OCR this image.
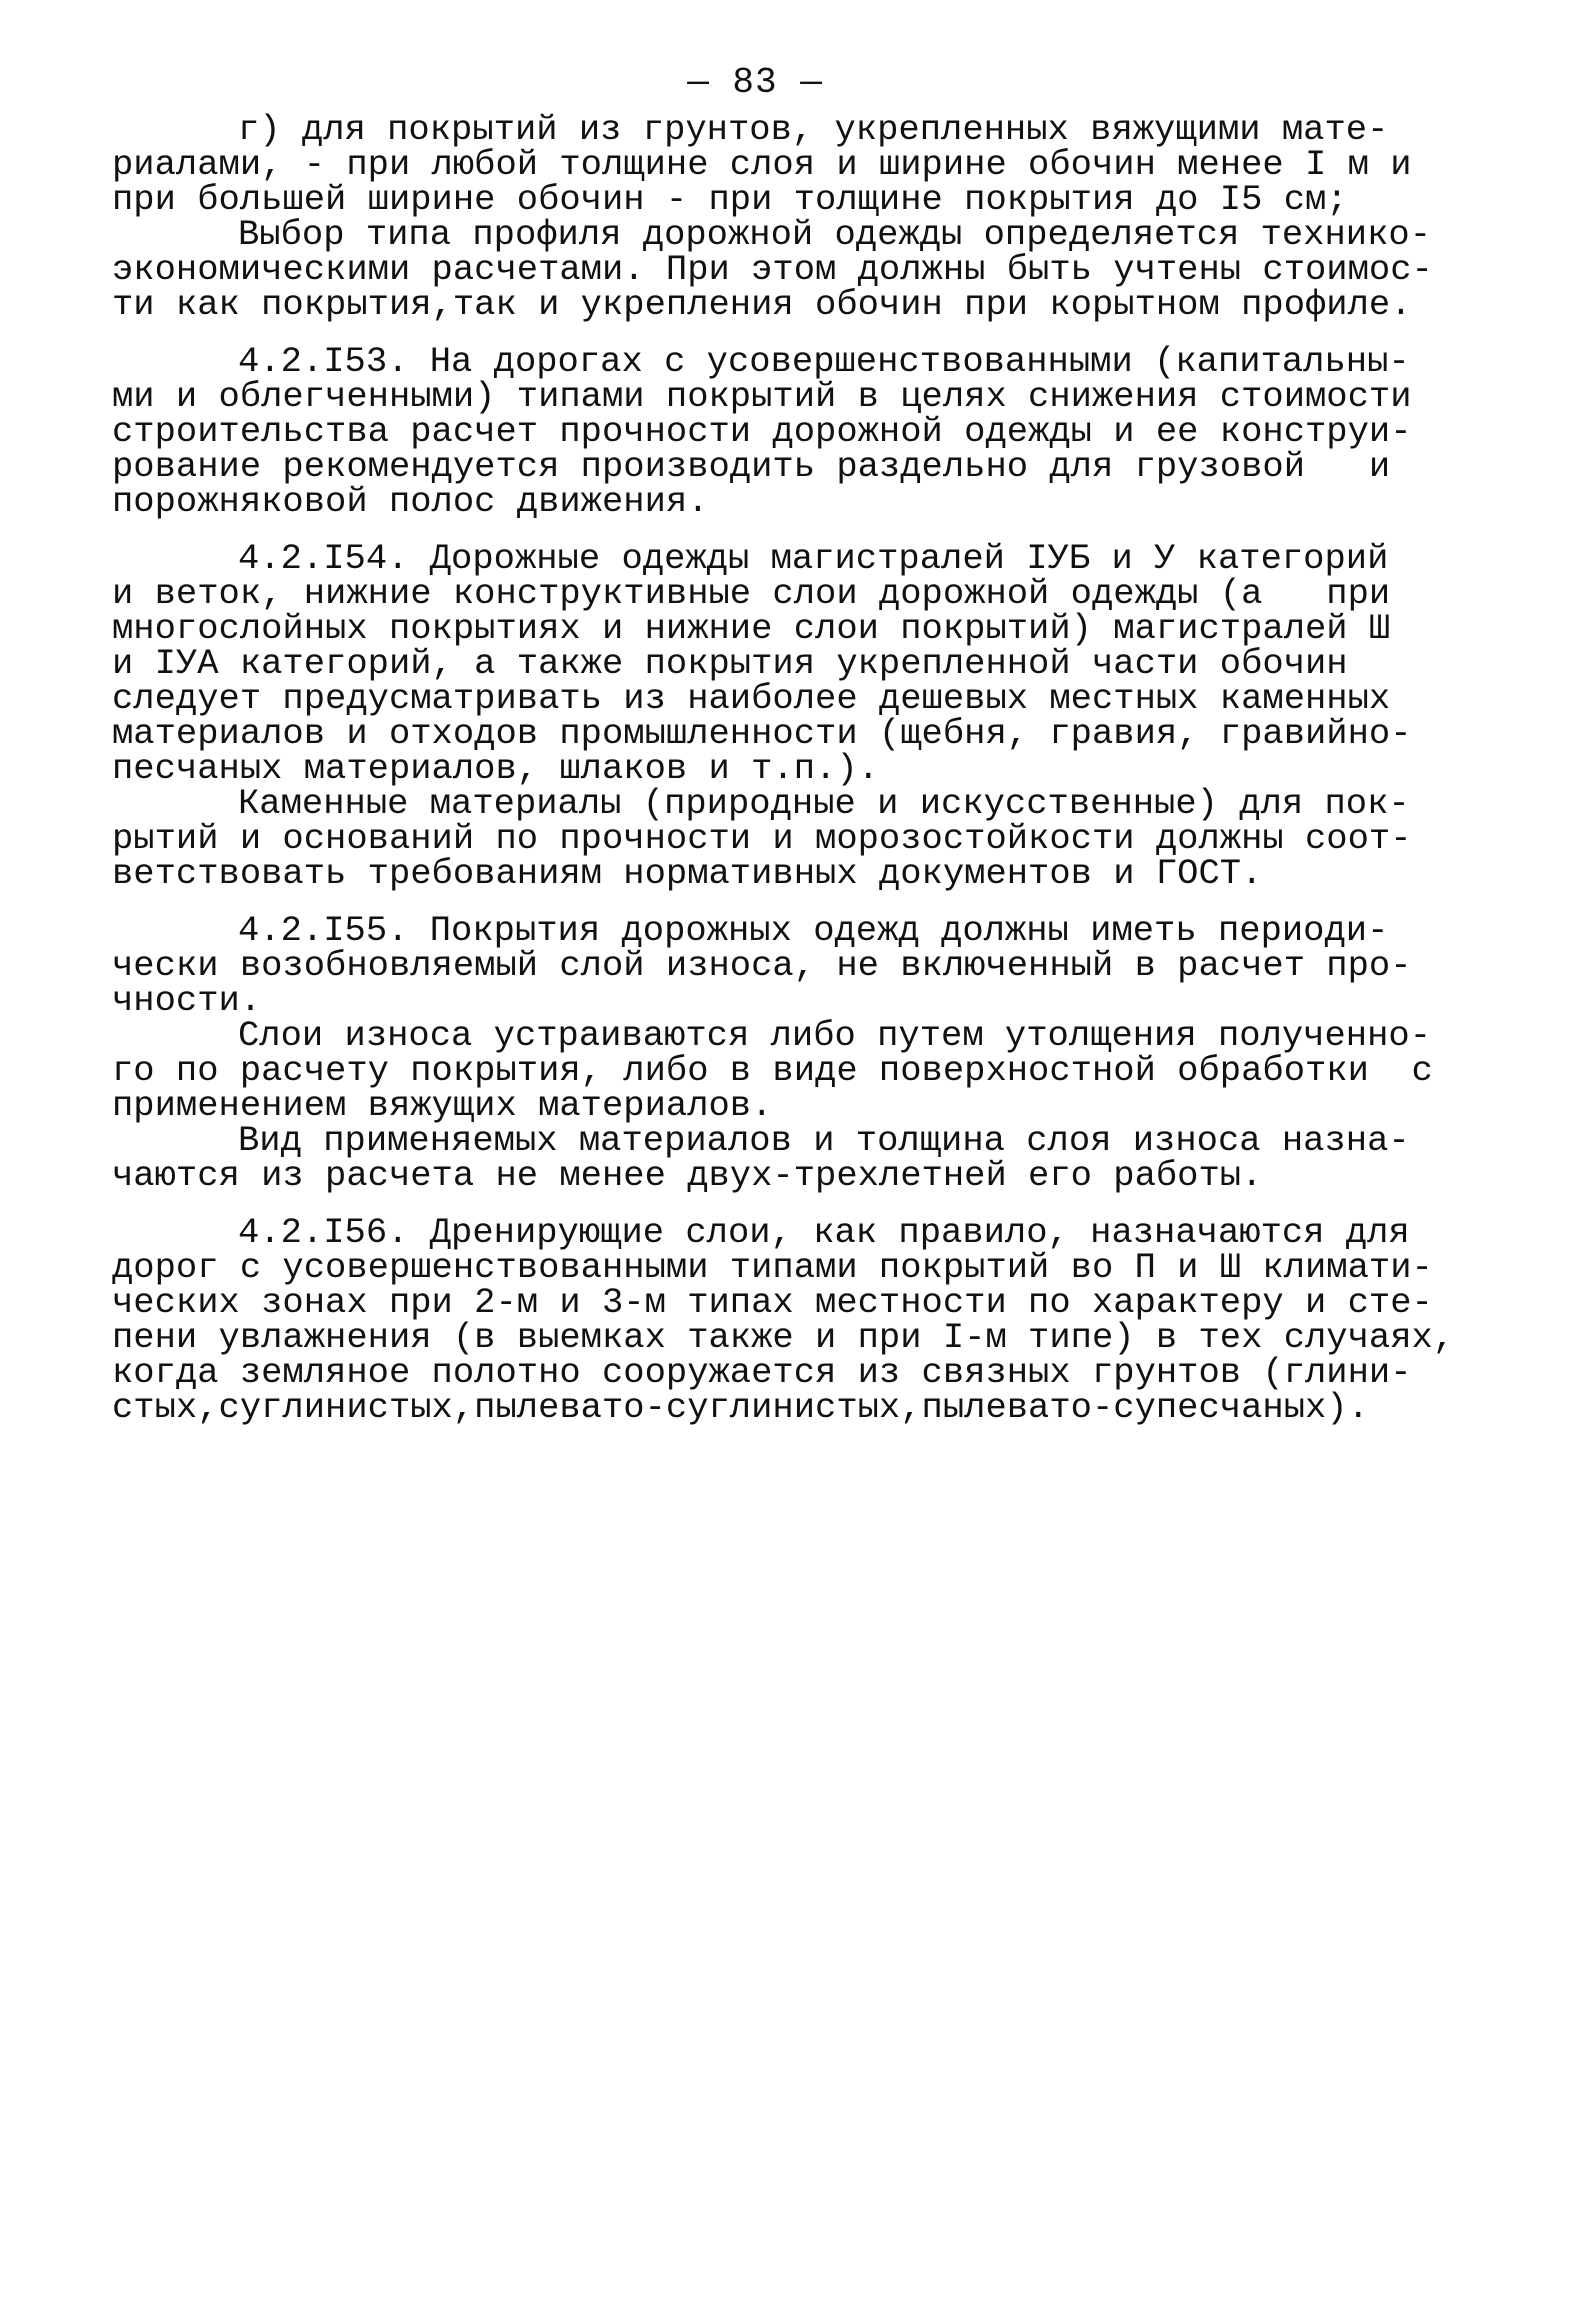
— 83 —
г) для покрытий из грунтов, укрепленных вяжущими мате-
риалами, - при любой толщине слоя и ширине обочин менее I м и
при большей ширине обочин - при толщине покрытия до I5 см;
Выбор типа профиля дорожной одежды определяется технико-
экономическими расчетами. При этом должны быть учтены стоимос-
ти как покрытия,так и укрепления обочин при корытном профиле.
4.2.I53. На дорогах с усовершенствованными (капитальны-
ми и облегченными) типами покрытий в целях снижения стоимости
строительства расчет прочности дорожной одежды и ее конструи-
рование рекомендуется производить раздельно для грузовой   и
порожняковой полос движения.
4.2.I54. Дорожные одежды магистралей IУБ и У категорий
и веток, нижние конструктивные слои дорожной одежды (а   при
многослойных покрытиях и нижние слои покрытий) магистралей Ш
и IУА категорий, а также покрытия укрепленной части обочин
следует предусматривать из наиболее дешевых местных каменных
материалов и отходов промышленности (щебня, гравия, гравийно-
песчаных материалов, шлаков и т.п.).
Каменные материалы (природные и искусственные) для пок-
рытий и оснований по прочности и морозостойкости должны соот-
ветствовать требованиям нормативных документов и ГОСТ.
4.2.I55. Покрытия дорожных одежд должны иметь периоди-
чески возобновляемый слой износа, не включенный в расчет про-
чности.
Слои износа устраиваются либо путем утолщения полученно-
го по расчету покрытия, либо в виде поверхностной обработки  с
применением вяжущих материалов.
Вид применяемых материалов и толщина слоя износа назна-
чаются из расчета не менее двух-трехлетней его работы.
4.2.I56. Дренирующие слои, как правило, назначаются для
дорог с усовершенствованными типами покрытий во П и Ш климати-
ческих зонах при 2-м и 3-м типах местности по характеру и сте-
пени увлажнения (в выемках также и при I-м типе) в тех случаях,
когда земляное полотно сооружается из связных грунтов (глини-
стых,суглинистых,пылевато-суглинистых,пылевато-супесчаных).
